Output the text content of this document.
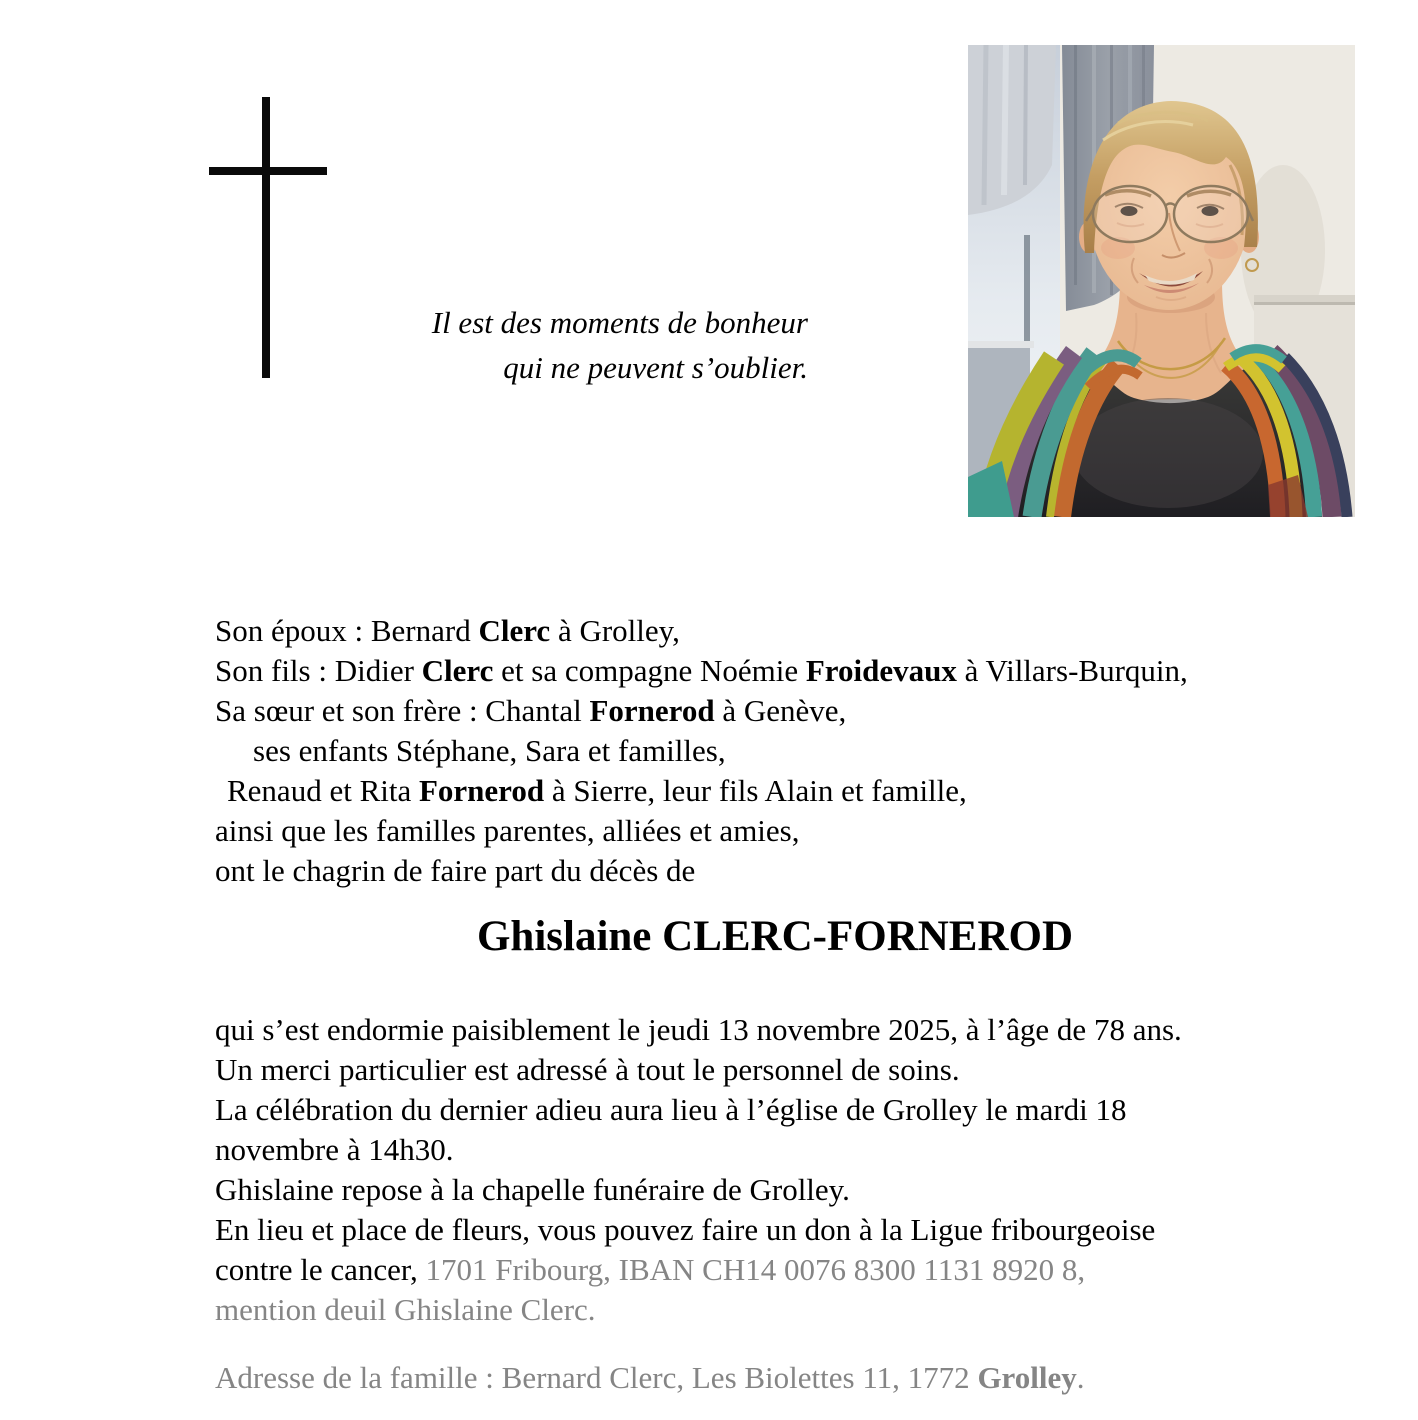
Il est des moments de bonheur

qui ne peuvent s’oublier.

Son époux : Bernard Clerc à Grolley,

Son fils : Didier Clerc et sa compagne Noémie Froidevaux à Villars-Burquin,

Sa sœur et son frère : Chantal Fornerod à Genève,

ses enfants Stéphane, Sara et familles,

Renaud et Rita Fornerod à Sierre, leur fils Alain et famille,

ainsi que les familles parentes, alliées et amies,

ont le chagrin de faire part du décès de

Ghislaine CLERC-FORNEROD

qui s’est endormie paisiblement le jeudi 13 novembre 2025, à l’âge de 78 ans.

Un merci particulier est adressé à tout le personnel de soins.

La célébration du dernier adieu aura lieu à l’église de Grolley le mardi 18

novembre à 14h30.

Ghislaine repose à la chapelle funéraire de Grolley.

En lieu et place de fleurs, vous pouvez faire un don à la Ligue fribourgeoise

contre le cancer, 1701 Fribourg, IBAN CH14 0076 8300 1131 8920 8,

mention deuil Ghislaine Clerc.

Adresse de la famille : Bernard Clerc, Les Biolettes 11, 1772 Grolley.
